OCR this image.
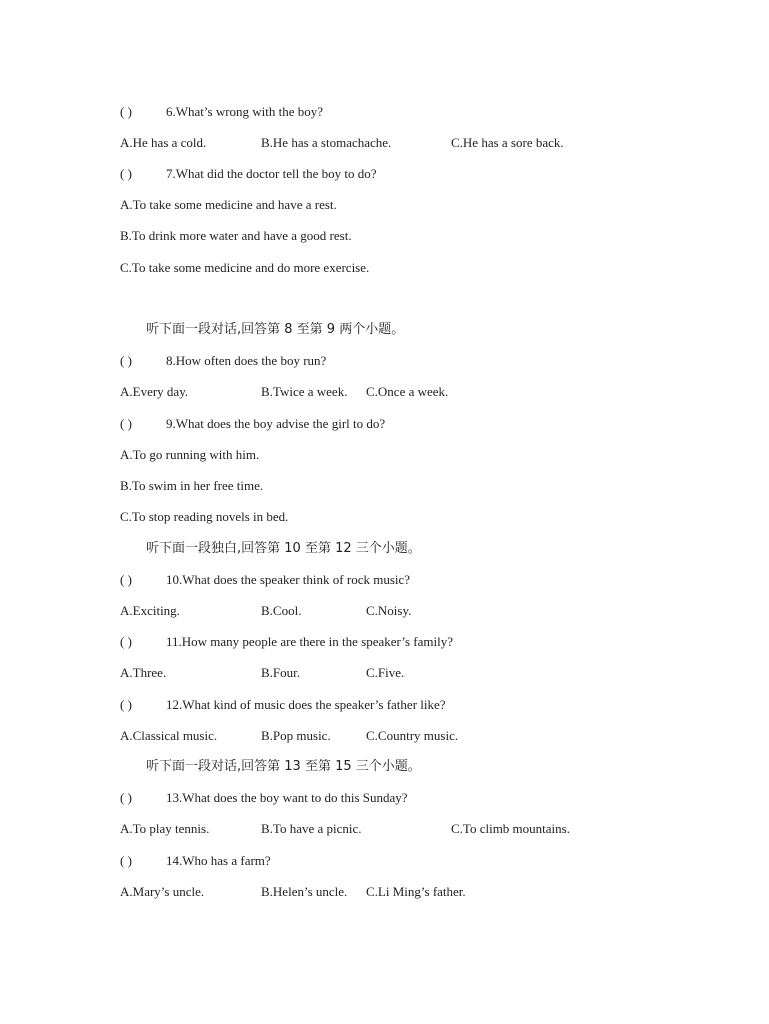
( )	6.What’s wrong with the boy?
A.He has a cold.	B.He has a stomachache.	C.He has a sore back.
( )	7.What did the doctor tell the boy to do?
A.To take some medicine and have a rest.
B.To drink more water and have a good rest.
C.To take some medicine and do more exercise.
听下面一段对话,回答第 8 至第 9 两个小题。
( )	8.How often does the boy run?
A.Every day.	B.Twice a week. C.Once a week.
( )	9.What does the boy advise the girl to do?
A.To go running with him.
B.To swim in her free time.
C.To stop reading novels in bed.
听下面一段独白,回答第 10 至第 12 三个小题。
( )	10.What does the speaker think of rock music?
A.Exciting.	B.Cool.	C.Noisy.
( )	11.How many people are there in the speaker’s family?
A.Three.	B.Four.	C.Five.
( )	12.What kind of music does the speaker’s father like?
A.Classical music.	B.Pop music.	C.Country music.
听下面一段对话,回答第 13 至第 15 三个小题。
( )	13.What does the boy want to do this Sunday?
A.To play tennis.	B.To have a picnic.	C.To climb mountains.
( )	14.Who has a farm?
A.Mary’s uncle.	B.Helen’s uncle. C.Li Ming’s father.
